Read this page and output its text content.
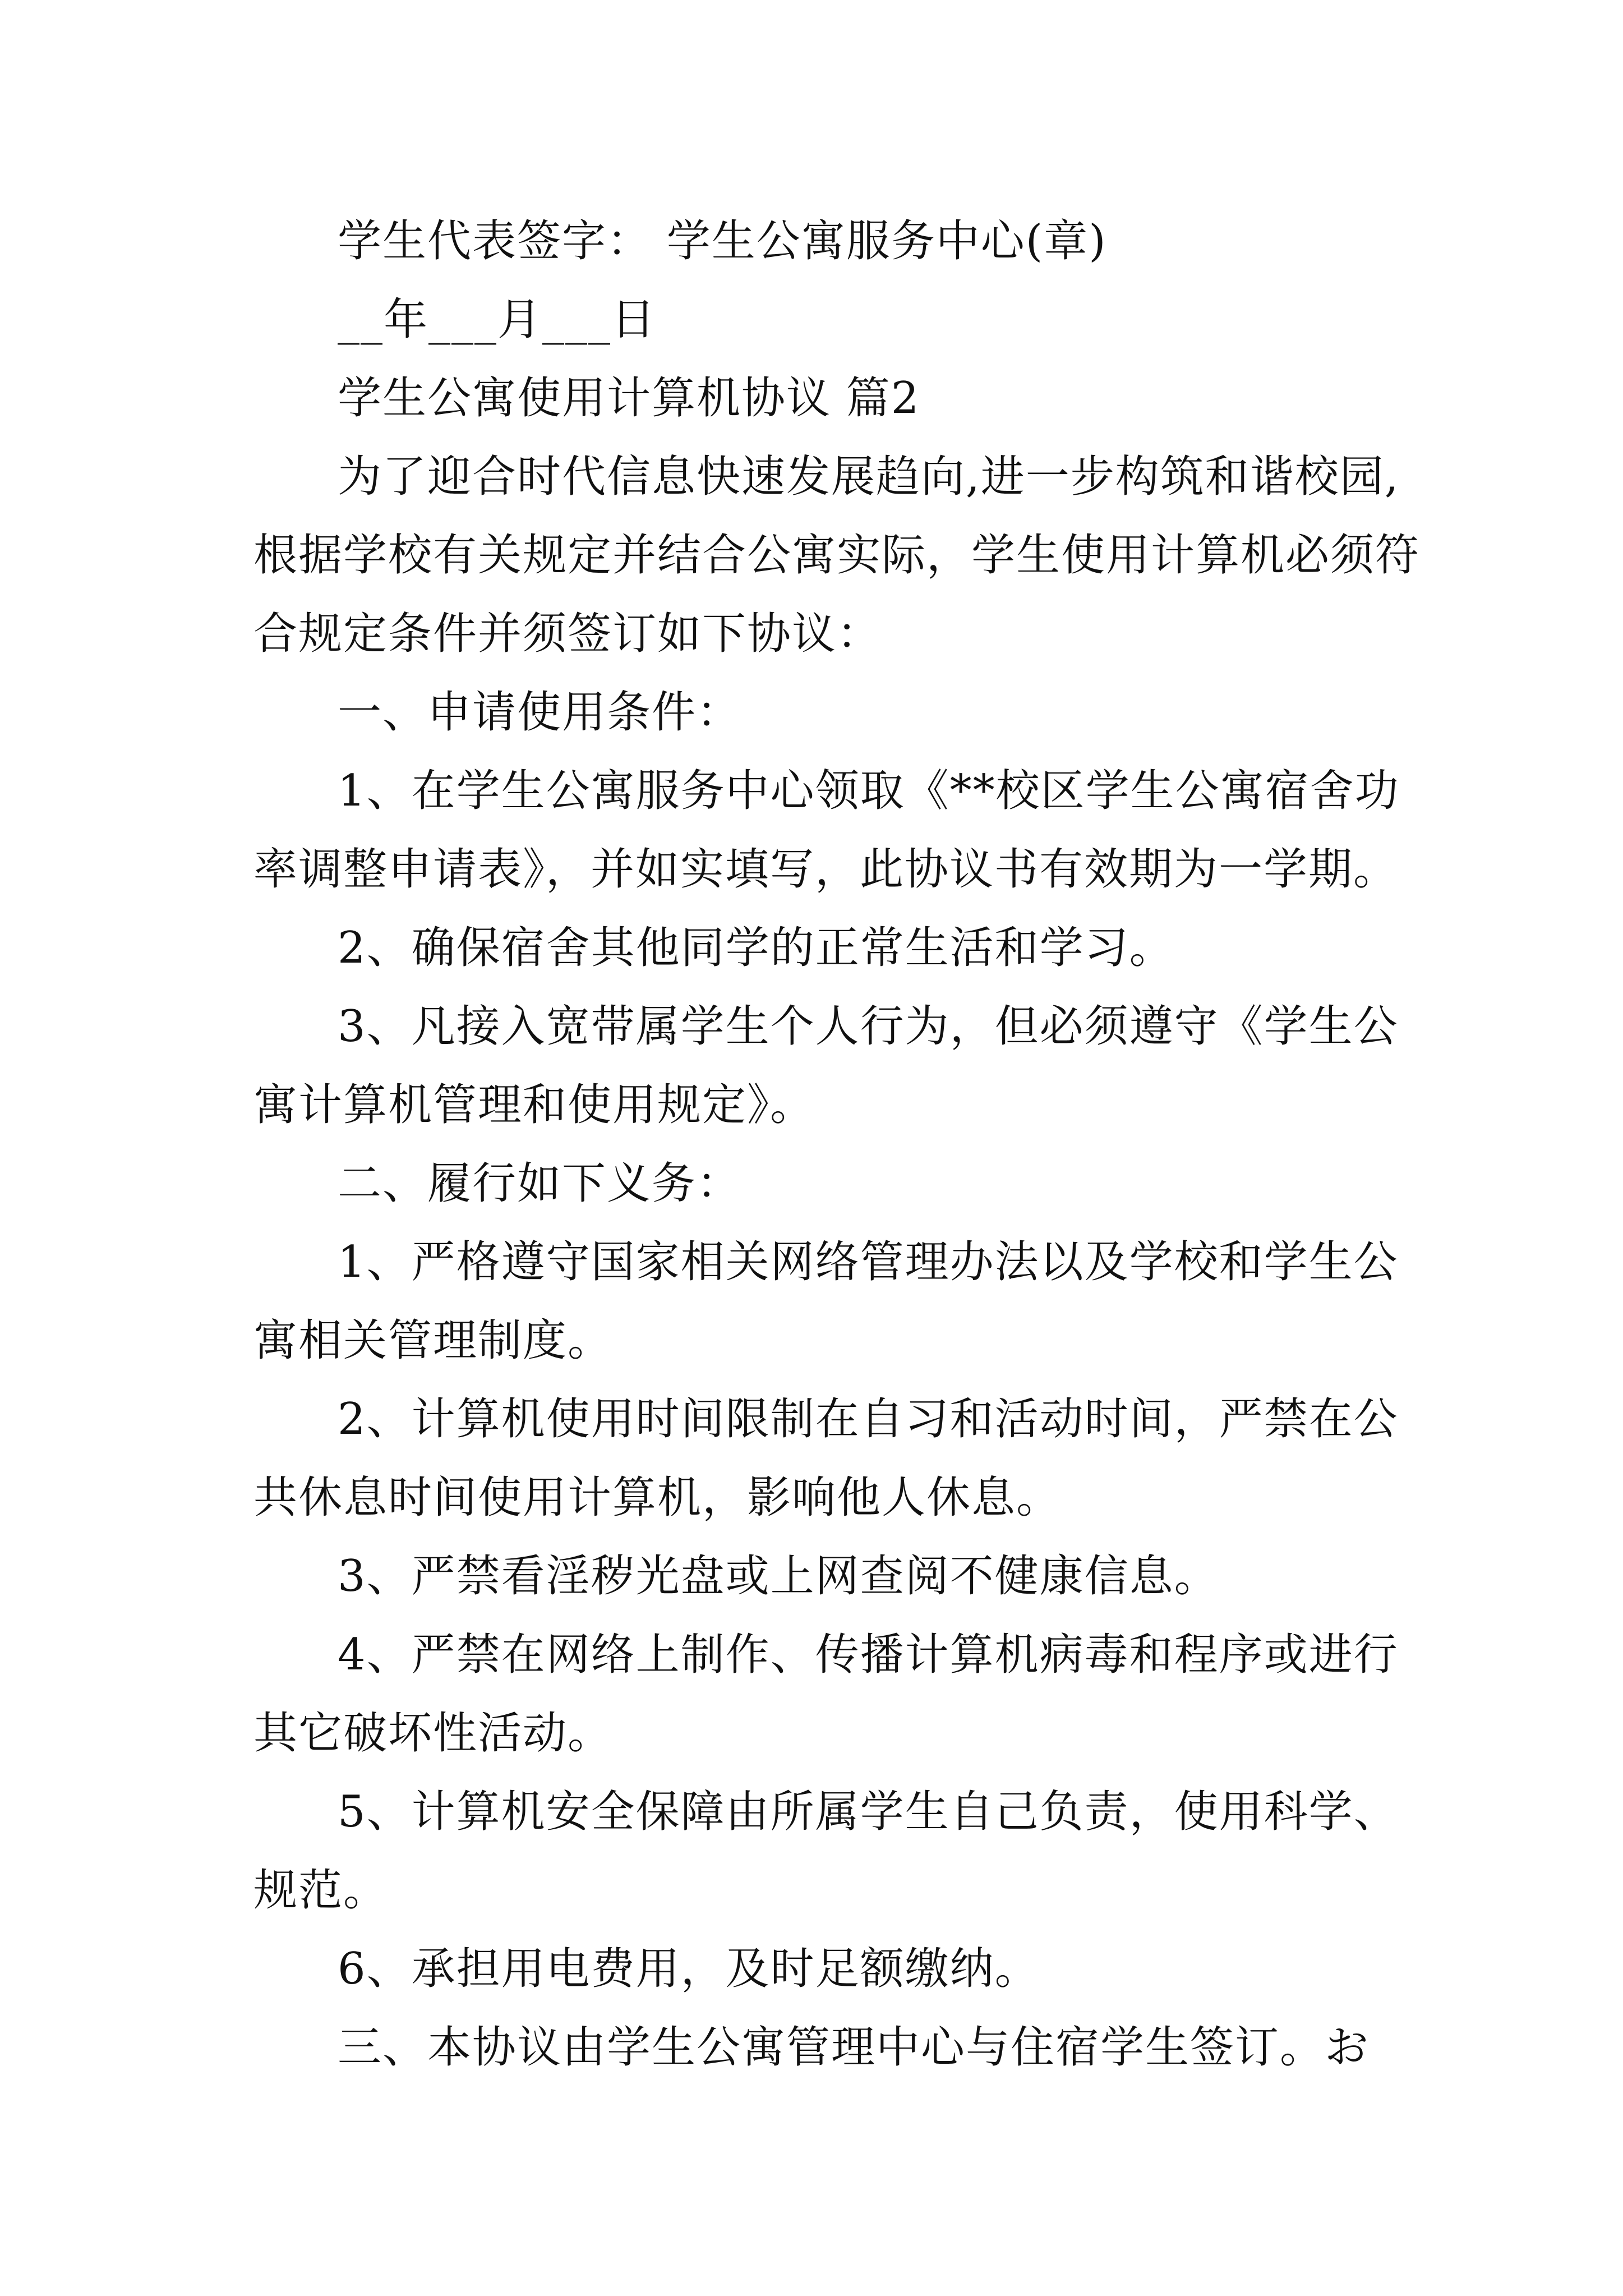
学生代表签字： 学生公寓服务中心(章)
__年___月___日
学生公寓使用计算机协议 篇2
为了迎合时代信息快速发展趋向,进一步构筑和谐校园,
根据学校有关规定并结合公寓实际，学生使用计算机必须符
合规定条件并须签订如下协议：
一、申请使用条件：
1、在学生公寓服务中心领取《**校区学生公寓宿舍功
率调整申请表》，并如实填写，此协议书有效期为一学期。
2、确保宿舍其他同学的正常生活和学习。
3、凡接入宽带属学生个人行为，但必须遵守《学生公
寓计算机管理和使用规定》。
二、履行如下义务：
1、严格遵守国家相关网络管理办法以及学校和学生公
寓相关管理制度。
2、计算机使用时间限制在自习和活动时间，严禁在公
共休息时间使用计算机，影响他人休息。
3、严禁看淫秽光盘或上网查阅不健康信息。
4、严禁在网络上制作、传播计算机病毒和程序或进行
其它破坏性活动。
5、计算机安全保障由所属学生自己负责，使用科学、
规范。
6、承担用电费用，及时足额缴纳。
三、本协议由学生公寓管理中心与住宿学生签订。お
